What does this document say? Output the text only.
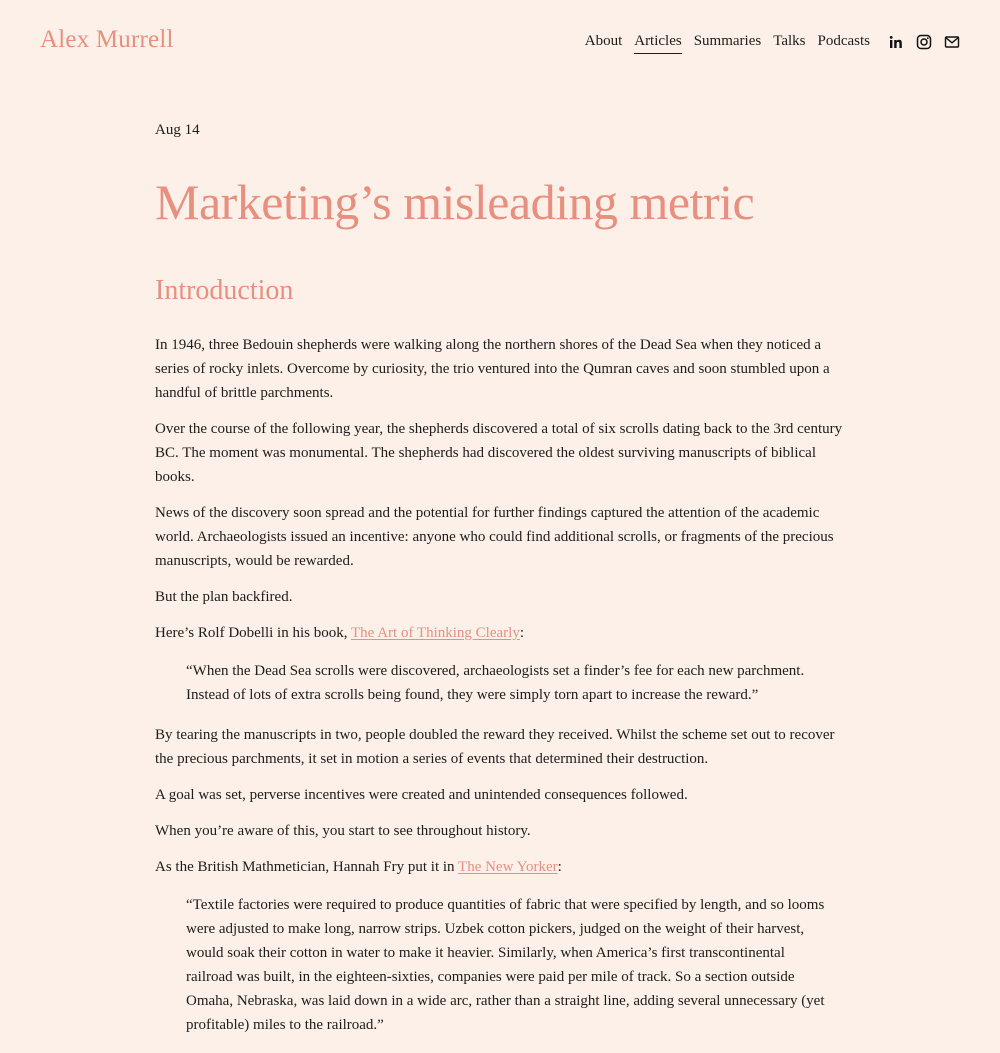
Alex Murrell	About Articles Summaries Talks Podcasts
Aug 14
Marketing’s misleading metric
Introduction

In 1946, three Bedouin shepherds were walking along the northern shores of the Dead Sea when they noticed a series of rocky inlets. Overcome by curiosity, the trio ventured into the Qumran caves and soon stumbled upon a handful of brittle parchments.

Over the course of the following year, the shepherds discovered a total of six scrolls dating back to the 3rd century BC. The moment was monumental. The shepherds had discovered the oldest surviving manuscripts of biblical books.

News of the discovery soon spread and the potential for further findings captured the attention of the academic world. Archaeologists issued an incentive: anyone who could find additional scrolls, or fragments of the precious manuscripts, would be rewarded.

But the plan backfired.

Here’s Rolf Dobelli in his book, The Art of Thinking Clearly:

“When the Dead Sea scrolls were discovered, archaeologists set a finder’s fee for each new parchment. Instead of lots of extra scrolls being found, they were simply torn apart to increase the reward.”

By tearing the manuscripts in two, people doubled the reward they received. Whilst the scheme set out to recover the precious parchments, it set in motion a series of events that determined their destruction.

A goal was set, perverse incentives were created and unintended consequences followed.

When you’re aware of this, you start to see throughout history.

As the British Mathmetician, Hannah Fry put it in The New Yorker:

“Textile factories were required to produce quantities of fabric that were specified by length, and so looms were adjusted to make long, narrow strips. Uzbek cotton pickers, judged on the weight of their harvest, would soak their cotton in water to make it heavier. Similarly, when America’s first transcontinental railroad was built, in the eighteen-sixties, companies were paid per mile of track. So a section outside Omaha, Nebraska, was laid down in a wide arc, rather than a straight line, adding several unnecessary (yet profitable) miles to the railroad.”
